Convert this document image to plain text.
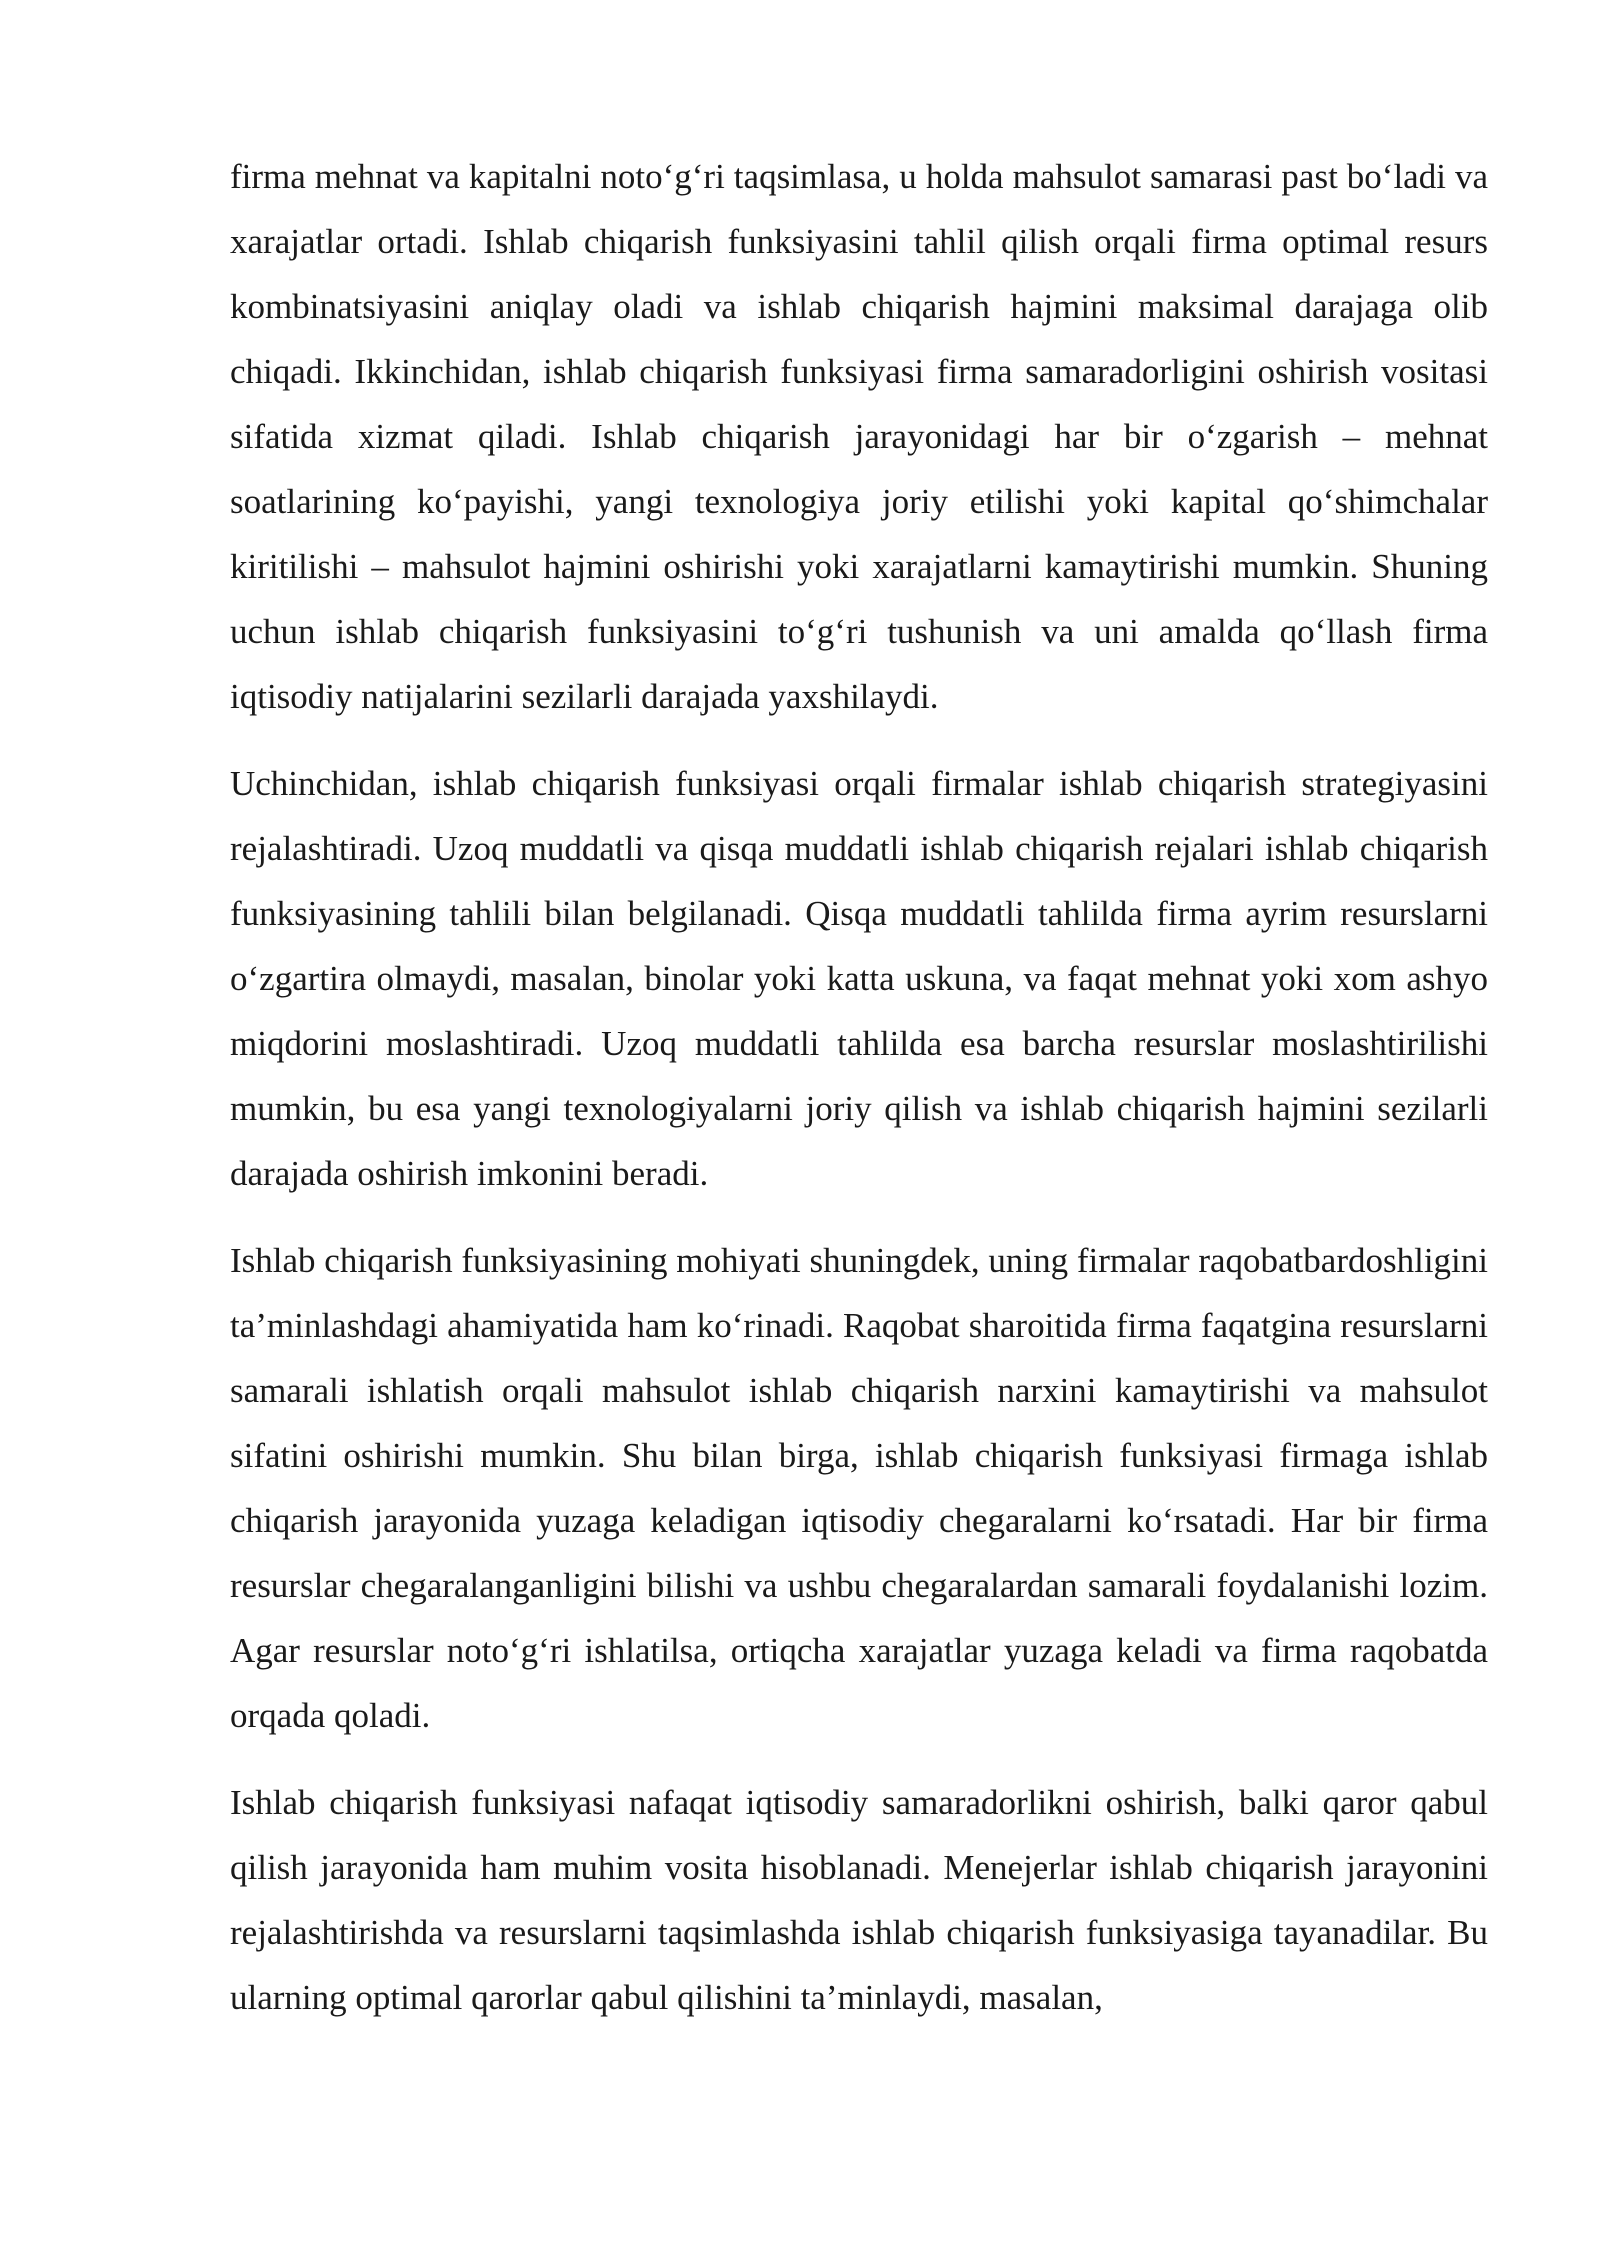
firma mehnat va kapitalni noto‘g‘ri taqsimlasa, u holda mahsulot samarasi past bo‘ladi va xarajatlar ortadi. Ishlab chiqarish funksiyasini tahlil qilish orqali firma optimal resurs kombinatsiyasini aniqlay oladi va ishlab chiqarish hajmini maksimal darajaga olib chiqadi. Ikkinchidan, ishlab chiqarish funksiyasi firma samaradorligini oshirish vositasi sifatida xizmat qiladi. Ishlab chiqarish jarayonidagi har bir o‘zgarish – mehnat soatlarining ko‘payishi, yangi texnologiya joriy etilishi yoki kapital qo‘shimchalar kiritilishi – mahsulot hajmini oshirishi yoki xarajatlarni kamaytirishi mumkin. Shuning uchun ishlab chiqarish funksiyasini to‘g‘ri tushunish va uni amalda qo‘llash firma iqtisodiy natijalarini sezilarli darajada yaxshilaydi.

Uchinchidan, ishlab chiqarish funksiyasi orqali firmalar ishlab chiqarish strategiyasini rejalashtiradi. Uzoq muddatli va qisqa muddatli ishlab chiqarish rejalari ishlab chiqarish funksiyasining tahlili bilan belgilanadi. Qisqa muddatli tahlilda firma ayrim resurslarni o‘zgartira olmaydi, masalan, binolar yoki katta uskuna, va faqat mehnat yoki xom ashyo miqdorini moslashtiradi. Uzoq muddatli tahlilda esa barcha resurslar moslashtirilishi mumkin, bu esa yangi texnologiyalarni joriy qilish va ishlab chiqarish hajmini sezilarli darajada oshirish imkonini beradi.

Ishlab chiqarish funksiyasining mohiyati shuningdek, uning firmalar raqobatbardoshligini ta’minlashdagi ahamiyatida ham ko‘rinadi. Raqobat sharoitida firma faqatgina resurslarni samarali ishlatish orqali mahsulot ishlab chiqarish narxini kamaytirishi va mahsulot sifatini oshirishi mumkin. Shu bilan birga, ishlab chiqarish funksiyasi firmaga ishlab chiqarish jarayonida yuzaga keladigan iqtisodiy chegaralarni ko‘rsatadi. Har bir firma resurslar chegaralanganligini bilishi va ushbu chegaralardan samarali foydalanishi lozim. Agar resurslar noto‘g‘ri ishlatilsa, ortiqcha xarajatlar yuzaga keladi va firma raqobatda orqada qoladi.

Ishlab chiqarish funksiyasi nafaqat iqtisodiy samaradorlikni oshirish, balki qaror qabul qilish jarayonida ham muhim vosita hisoblanadi. Menejerlar ishlab chiqarish jarayonini rejalashtirishda va resurslarni taqsimlashda ishlab chiqarish funksiyasiga tayanadilar. Bu ularning optimal qarorlar qabul qilishini ta’minlaydi, masalan,
